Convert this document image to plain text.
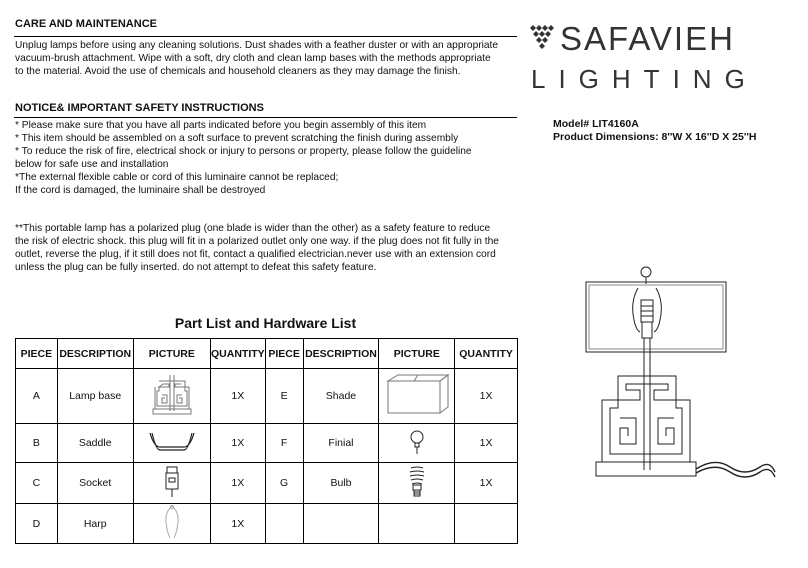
CARE AND MAINTENANCE
Unplug lamps before using any cleaning solutions. Dust shades with a feather duster or with an appropriate
vacuum-brush attachment. Wipe with a soft, dry cloth and clean lamp bases with the methods appropriate
to the material. Avoid the use of chemicals and household cleaners as they may damage the finish.
NOTICE& IMPORTANT SAFETY INSTRUCTIONS
* Please make sure that you have all parts indicated before you begin assembly of this item
* This item should be assembled on a soft surface to prevent scratching the finish during assembly
* To reduce the risk of fire, electrical shock or injury to persons or property, please follow the guideline
below for safe use and installation
*The external flexible cable or cord of this luminaire cannot be replaced;
If the cord is damaged, the luminaire shall be destroyed
**This portable lamp has a polarized plug (one blade is wider than the other) as a safety feature to reduce
the risk of electric shock. this plug will fit in a polarized outlet only one way. if the plug does not fit fully in the
outlet, reverse the plug, if it still does not fit, contact a qualified electrician.never use with an extension cord
unless the plug can be fully inserted. do not attempt to defeat this safety feature.
SAFAVIEH
LIGHTING
Model# LIT4160A
Product Dimensions: 8''W X 16''D X 25''H
Part List and Hardware List
PIECE	DESCRIPTION	PICTURE	QUANTITY	PIECE	DESCRIPTION	PICTURE	QUANTITY
A	Lamp base		1X	E	Shade		1X
B	Saddle		1X	F	Finial		1X
C	Socket		1X	G	Bulb		1X
D	Harp		1X				
